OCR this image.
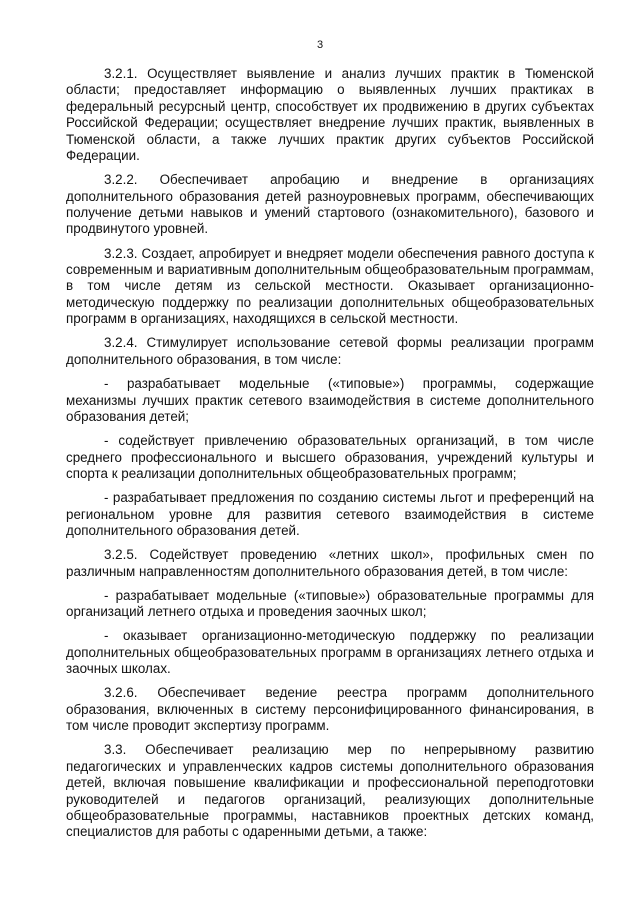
3

3.2.1. Осуществляет выявление и анализ лучших практик в Тюменской области; предоставляет информацию о выявленных лучших практиках в федеральный ресурсный центр, способствует их продвижению в других субъектах Российской Федерации; осуществляет внедрение лучших практик, выявленных в Тюменской области, а также лучших практик других субъектов Российской Федерации.

3.2.2. Обеспечивает апробацию и внедрение в организациях дополнительного образования детей разноуровневых программ, обеспечивающих получение детьми навыков и умений стартового (ознакомительного), базового и продвинутого уровней.

3.2.3. Создает, апробирует и внедряет модели обеспечения равного доступа к современным и вариативным дополнительным общеобразовательным программам, в том числе детям из сельской местности. Оказывает организационно-методическую поддержку по реализации дополнительных общеобразовательных программ в организациях, находящихся в сельской местности.

3.2.4. Стимулирует использование сетевой формы реализации программ дополнительного образования, в том числе:

- разрабатывает модельные («типовые») программы, содержащие механизмы лучших практик сетевого взаимодействия в системе дополнительного образования детей;

- содействует привлечению образовательных организаций, в том числе среднего профессионального и высшего образования, учреждений культуры и спорта к реализации дополнительных общеобразовательных программ;

- разрабатывает предложения по созданию системы льгот и преференций на региональном уровне для развития сетевого взаимодействия в системе дополнительного образования детей.

3.2.5. Содействует проведению «летних школ», профильных смен по различным направленностям дополнительного образования детей, в том числе:

- разрабатывает модельные («типовые») образовательные программы для организаций летнего отдыха и проведения заочных школ;

- оказывает организационно-методическую поддержку по реализации дополнительных общеобразовательных программ в организациях летнего отдыха и заочных школах.

3.2.6. Обеспечивает ведение реестра программ дополнительного образования, включенных в систему персонифицированного финансирования, в том числе проводит экспертизу программ.

3.3. Обеспечивает реализацию мер по непрерывному развитию педагогических и управленческих кадров системы дополнительного образования детей, включая повышение квалификации и профессиональной переподготовки руководителей и педагогов организаций, реализующих дополнительные общеобразовательные программы, наставников проектных детских команд, специалистов для работы с одаренными детьми, а также:
